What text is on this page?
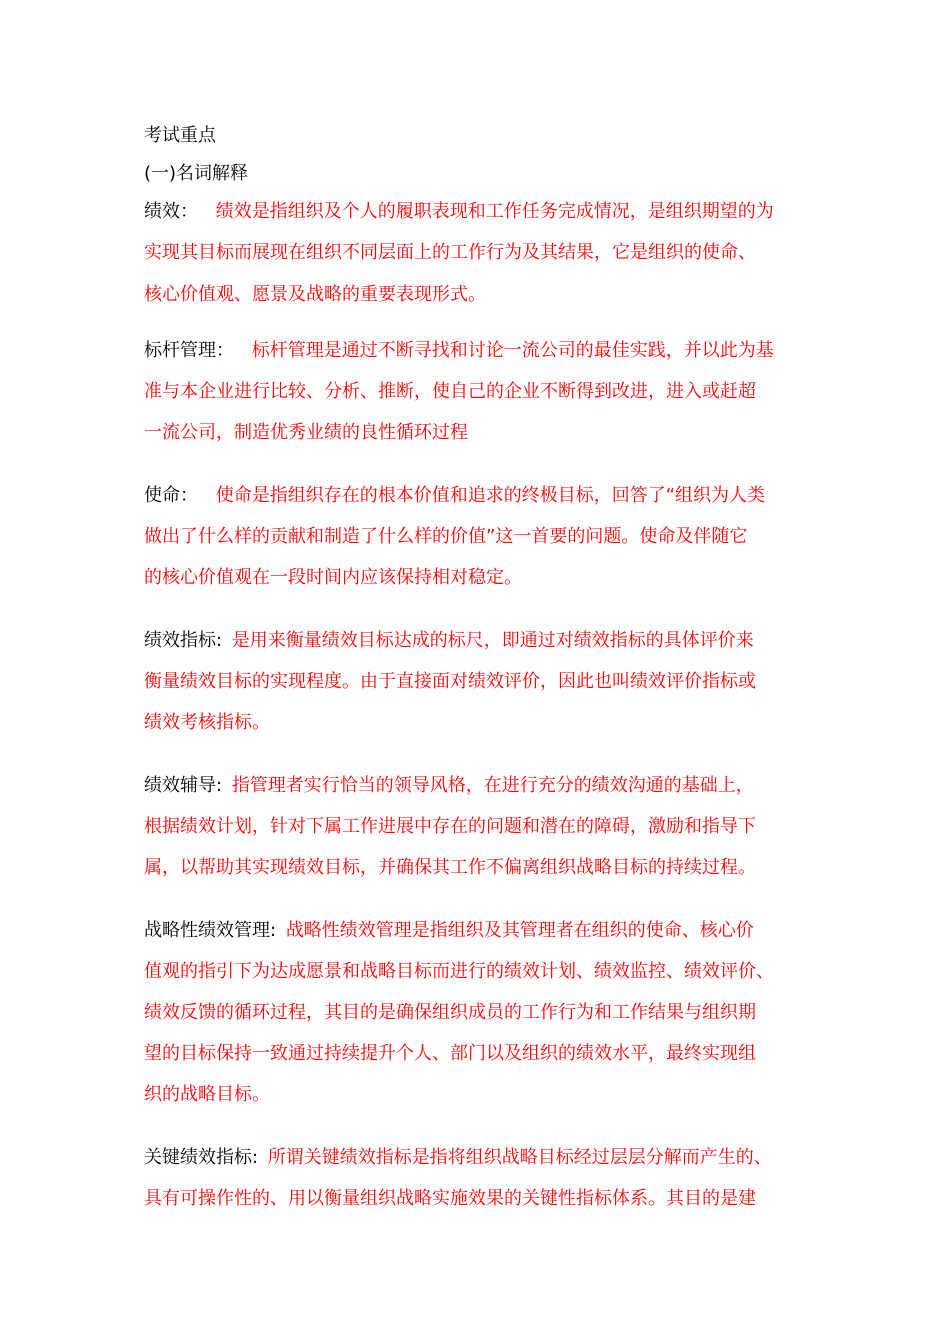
考试重点

(一)名词解释

绩效： 绩效是指组织及个人的履职表现和工作任务完成情况，是组织期望的为

实现其目标而展现在组织不同层面上的工作行为及其结果，它是组织的使命、

核心价值观、愿景及战略的重要表现形式。

标杆管理： 标杆管理是通过不断寻找和讨论一流公司的最佳实践，并以此为基

准与本企业进行比较、分析、推断，使自己的企业不断得到改进，进入或赶超

一流公司，制造优秀业绩的良性循环过程

使命： 使命是指组织存在的根本价值和追求的终极目标，回答了“组织为人类

做出了什么样的贡献和制造了什么样的价值”这一首要的问题。使命及伴随它

的核心价值观在一段时间内应该保持相对稳定。

绩效指标: 是用来衡量绩效目标达成的标尺，即通过对绩效指标的具体评价来

衡量绩效目标的实现程度。由于直接面对绩效评价，因此也叫绩效评价指标或

绩效考核指标。

绩效辅导: 指管理者实行恰当的领导风格，在进行充分的绩效沟通的基础上，

根据绩效计划，针对下属工作进展中存在的问题和潜在的障碍，激励和指导下

属，以帮助其实现绩效目标，并确保其工作不偏离组织战略目标的持续过程。

战略性绩效管理: 战略性绩效管理是指组织及其管理者在组织的使命、核心价

值观的指引下为达成愿景和战略目标而进行的绩效计划、绩效监控、绩效评价、

绩效反馈的循环过程，其目的是确保组织成员的工作行为和工作结果与组织期

望的目标保持一致通过持续提升个人、部门以及组织的绩效水平，最终实现组

织的战略目标。

关键绩效指标: 所谓关键绩效指标是指将组织战略目标经过层层分解而产生的、

具有可操作性的、用以衡量组织战略实施效果的关键性指标体系。其目的是建
